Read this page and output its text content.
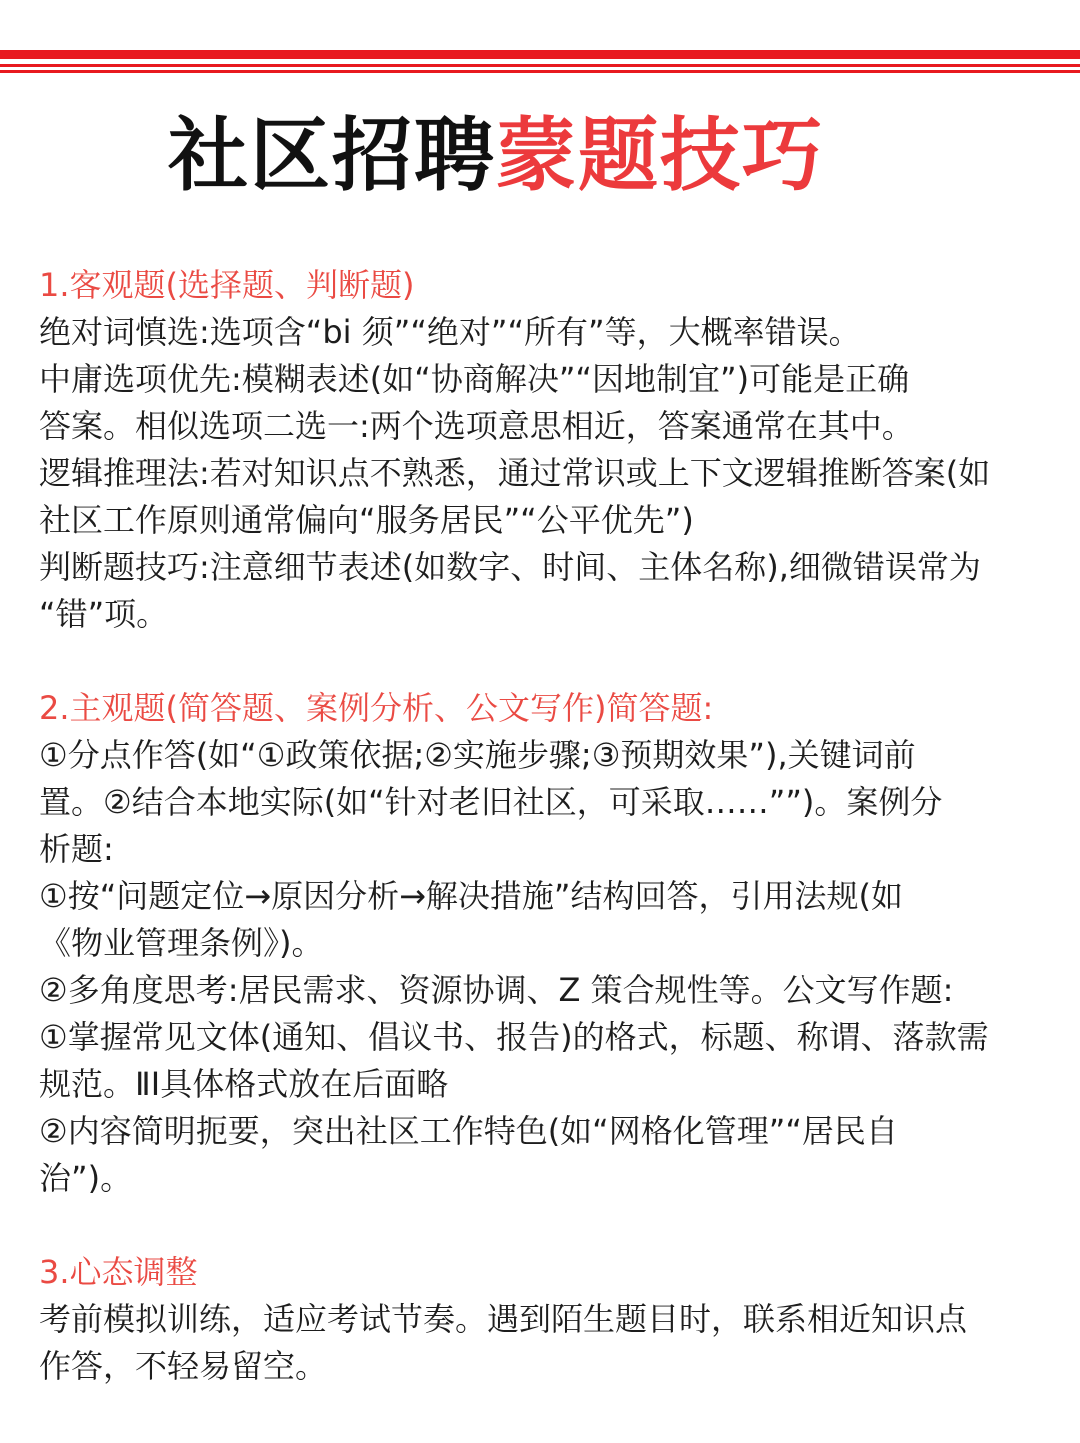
社区招聘蒙题技巧
1.客观题(选择题、判断题)

绝对词慎选:选项含“bi 须”“绝对”“所有”等，大概率错误。

中庸选项优先:模糊表述(如“协商解决”“因地制宜”)可能是正确

答案。相似选项二选一:两个选项意思相近，答案通常在其中。

逻辑推理法:若对知识点不熟悉，通过常识或上下文逻辑推断答案(如

社区工作原则通常偏向“服务居民”“公平优先”)

判断题技巧:注意细节表述(如数字、时间、主体名称),细微错误常为

“错”项。

2.主观题(简答题、案例分析、公文写作)简答题:

①分点作答(如“①政策依据;②实施步骤;③预期效果”),关键词前

置。②结合本地实际(如“针对老旧社区，可采取……””)。案例分

析题:

①按“问题定位→原因分析→解决措施”结构回答，引用法规(如

《物业管理条例》)。

②多角度思考:居民需求、资源协调、Z 策合规性等。公文写作题:

①掌握常见文体(通知、倡议书、报告)的格式，标题、称谓、落款需

规范。ⅡⅠ具体格式放在后面略

②内容简明扼要，突出社区工作特色(如“网格化管理”“居民自

治”)。

3.心态调整

考前模拟训练，适应考试节奏。遇到陌生题目时，联系相近知识点

作答，不轻易留空。
